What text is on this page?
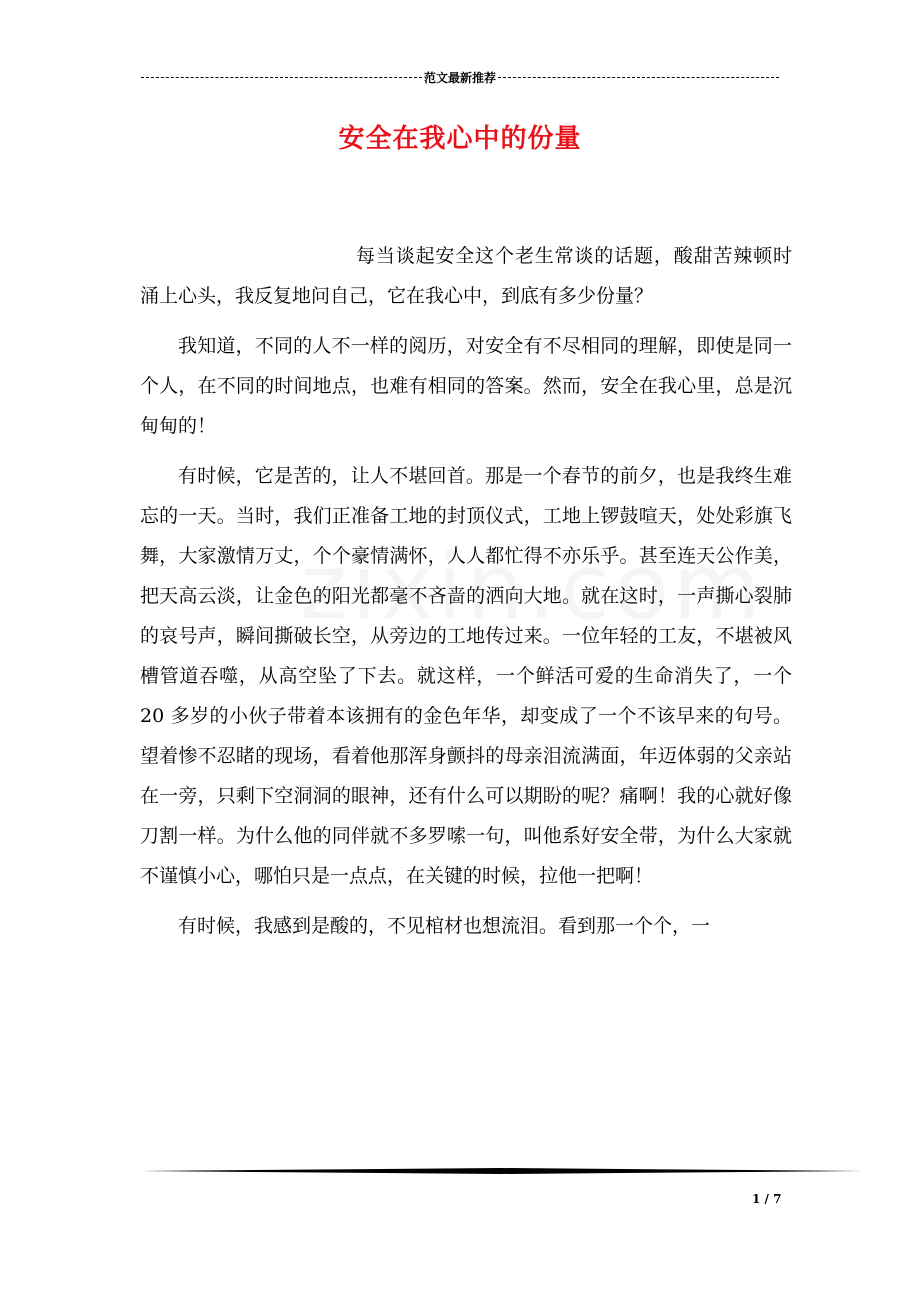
范文最新推荐
安全在我心中的份量

每当谈起安全这个老生常谈的话题，酸甜苦辣顿时涌上心头，我反复地问自己，它在我心中，到底有多少份量？

我知道，不同的人不一样的阅历，对安全有不尽相同的理解，即使是同一个人，在不同的时间地点，也难有相同的答案。然而，安全在我心里，总是沉甸甸的！

有时候，它是苦的，让人不堪回首。那是一个春节的前夕，也是我终生难忘的一天。当时，我们正准备工地的封顶仪式，工地上锣鼓喧天，处处彩旗飞舞，大家激情万丈，个个豪情满怀，人人都忙得不亦乐乎。甚至连天公作美，把天高云淡，让金色的阳光都毫不吝啬的洒向大地。就在这时，一声撕心裂肺的哀号声，瞬间撕破长空，从旁边的工地传过来。一位年轻的工友，不堪被风槽管道吞噬，从高空坠了下去。就这样，一个鲜活可爱的生命消失了，一个 20 多岁的小伙子带着本该拥有的金色年华，却变成了一个不该早来的句号。望着惨不忍睹的现场，看着他那浑身颤抖的母亲泪流满面，年迈体弱的父亲站在一旁，只剩下空洞洞的眼神，还有什么可以期盼的呢？痛啊！我的心就好像刀割一样。为什么他的同伴就不多罗嗦一句，叫他系好安全带，为什么大家就不谨慎小心，哪怕只是一点点，在关键的时候，拉他一把啊！

有时候，我感到是酸的，不见棺材也想流泪。看到那一个个，一

1 / 7
